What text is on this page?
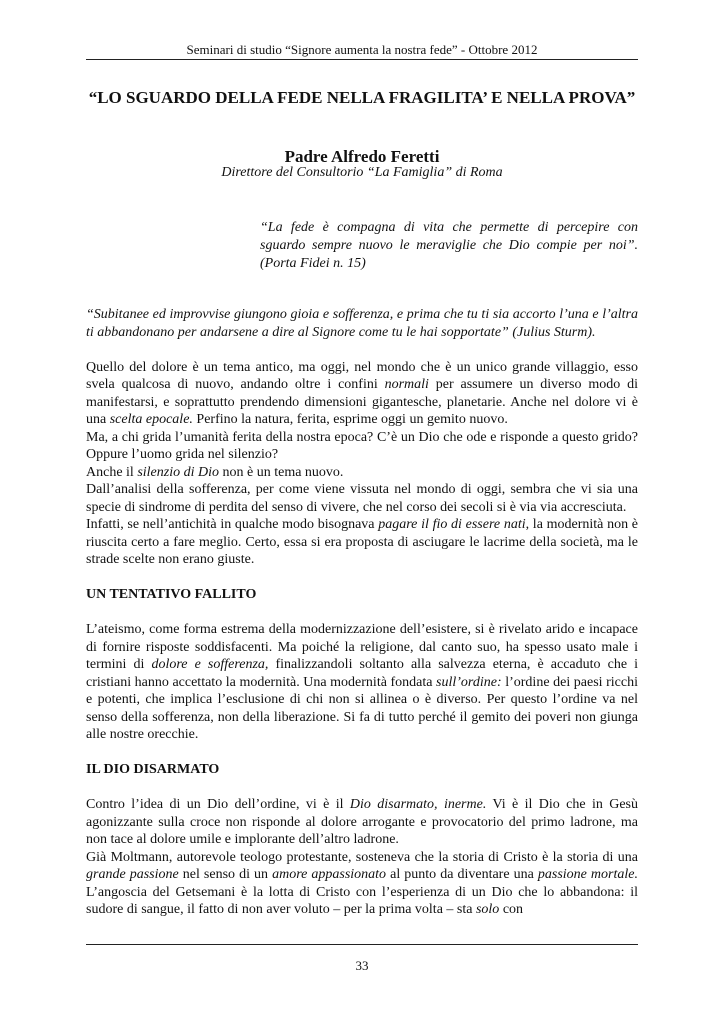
Seminari di studio “Signore aumenta la nostra fede” - Ottobre 2012
“LO SGUARDO DELLA FEDE NELLA FRAGILITA’ E NELLA PROVA”
Padre Alfredo Feretti
Direttore del Consultorio “La Famiglia” di Roma
“La fede è compagna di vita che permette di percepire con sguardo sempre nuovo le meraviglie che Dio compie per noi”. (Porta Fidei n. 15)

“Subitanee ed improvvise giungono gioia e sofferenza, e prima che tu ti sia accorto l’una e l’altra ti abbandonano per andarsene a dire al Signore come tu le hai sopportate” (Julius Sturm).

Quello del dolore è un tema antico, ma oggi, nel mondo che è un unico grande villaggio, esso svela qualcosa di nuovo, andando oltre i confini normali per assumere un diverso modo di manifestarsi, e soprattutto prendendo dimensioni gigantesche, planetarie. Anche nel dolore vi è una scelta epocale. Perfino la natura, ferita, esprime oggi un gemito nuovo.

Ma, a chi grida l’umanità ferita della nostra epoca? C’è un Dio che ode e risponde a questo grido? Oppure l’uomo grida nel silenzio?

Anche il silenzio di Dio non è un tema nuovo.

Dall’analisi della sofferenza, per come viene vissuta nel mondo di oggi, sembra che vi sia una specie di sindrome di perdita del senso di vivere, che nel corso dei secoli si è via via accresciuta.

Infatti, se nell’antichità in qualche modo bisognava pagare il fio di essere nati, la modernità non è riuscita certo a fare meglio. Certo, essa si era proposta di asciugare le lacrime della società, ma le strade scelte non erano giuste.

UN TENTATIVO FALLITO

L’ateismo, come forma estrema della modernizzazione dell’esistere, si è rivelato arido e incapace di fornire risposte soddisfacenti. Ma poiché la religione, dal canto suo, ha spesso usato male i termini di dolore e sofferenza, finalizzandoli soltanto alla salvezza eterna, è accaduto che i cristiani hanno accettato la modernità. Una modernità fondata sull’ordine: l’ordine dei paesi ricchi e potenti, che implica l’esclusione di chi non si allinea o è diverso. Per questo l’ordine va nel senso della sofferenza, non della liberazione. Si fa di tutto perché il gemito dei poveri non giunga alle nostre orecchie.

IL DIO DISARMATO

Contro l’idea di un Dio dell’ordine, vi è il Dio disarmato, inerme. Vi è il Dio che in Gesù agonizzante sulla croce non risponde al dolore arrogante e provocatorio del primo ladrone, ma non tace al dolore umile e implorante dell’altro ladrone.

Già Moltmann, autorevole teologo protestante, sosteneva che la storia di Cristo è la storia di una grande passione nel senso di un amore appassionato al punto da diventare una passione mortale. L’angoscia del Getsemani è la lotta di Cristo con l’esperienza di un Dio che lo abbandona: il sudore di sangue, il fatto di non aver voluto – per la prima volta – sta solo con

33
